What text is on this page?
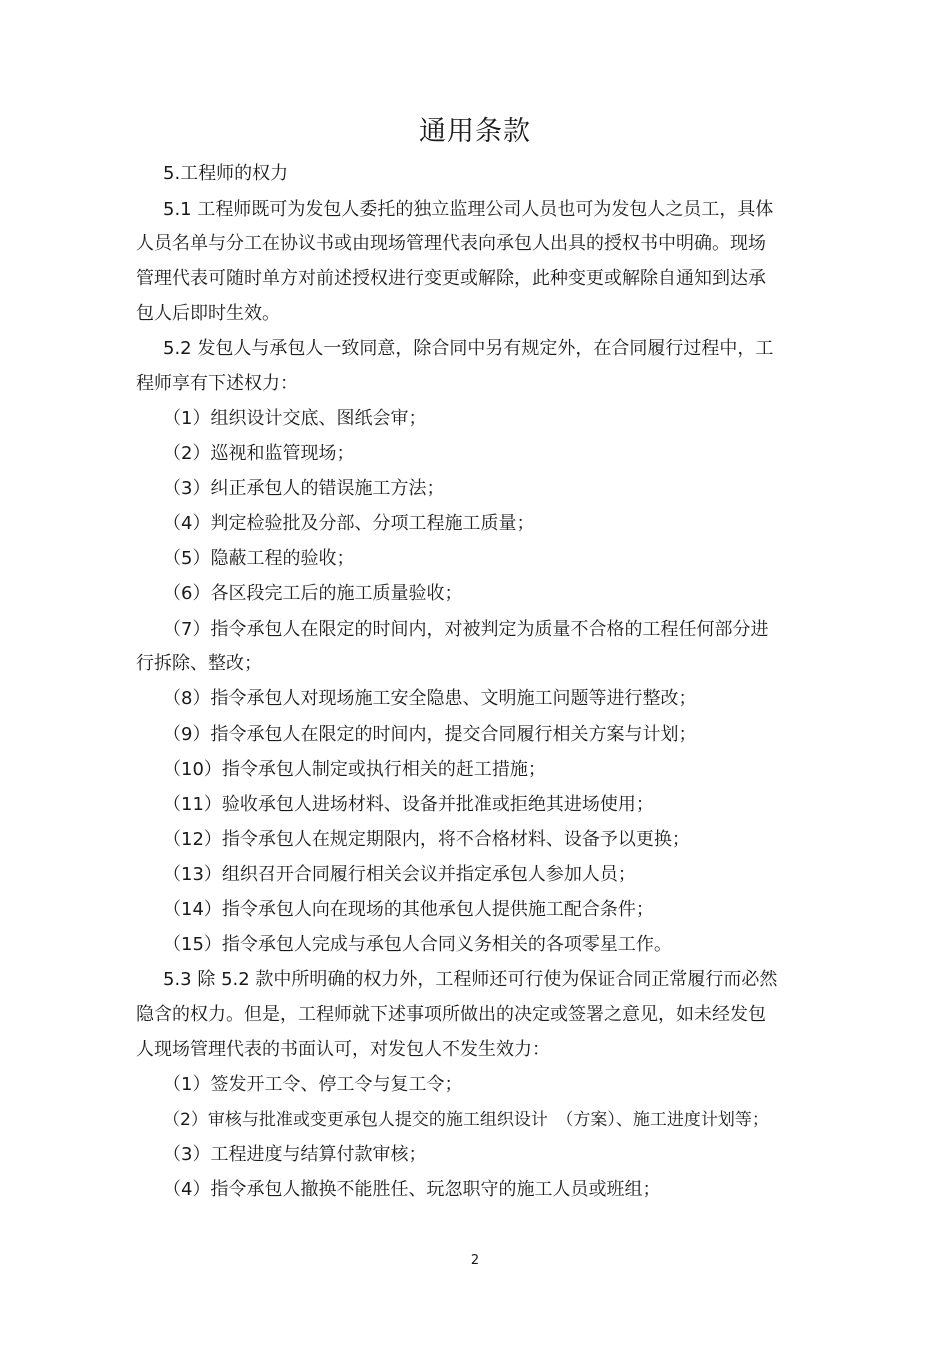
通用条款
5.工程师的权力
5.1 工程师既可为发包人委托的独立监理公司人员也可为发包人之员工，具体
人员名单与分工在协议书或由现场管理代表向承包人出具的授权书中明确。现场
管理代表可随时单方对前述授权进行变更或解除，此种变更或解除自通知到达承
包人后即时生效。
5.2 发包人与承包人一致同意，除合同中另有规定外，在合同履行过程中，工
程师享有下述权力：
（1）组织设计交底、图纸会审；
（2）巡视和监管现场；
（3）纠正承包人的错误施工方法；
（4）判定检验批及分部、分项工程施工质量；
（5）隐蔽工程的验收；
（6）各区段完工后的施工质量验收；
（7）指令承包人在限定的时间内，对被判定为质量不合格的工程任何部分进
行拆除、整改；
（8）指令承包人对现场施工安全隐患、文明施工问题等进行整改；
（9）指令承包人在限定的时间内，提交合同履行相关方案与计划；
（10）指令承包人制定或执行相关的赶工措施；
（11）验收承包人进场材料、设备并批准或拒绝其进场使用；
（12）指令承包人在规定期限内，将不合格材料、设备予以更换；
（13）组织召开合同履行相关会议并指定承包人参加人员；
（14）指令承包人向在现场的其他承包人提供施工配合条件；
（15）指令承包人完成与承包人合同义务相关的各项零星工作。
5.3 除 5.2 款中所明确的权力外，工程师还可行使为保证合同正常履行而必然
隐含的权力。但是，工程师就下述事项所做出的决定或签署之意见，如未经发包
人现场管理代表的书面认可，对发包人不发生效力：
（1）签发开工令、停工令与复工令；
（2）审核与批准或变更承包人提交的施工组织设计　（方案）、施工进度计划等；
（3）工程进度与结算付款审核；
（4）指令承包人撤换不能胜任、玩忽职守的施工人员或班组；
2
